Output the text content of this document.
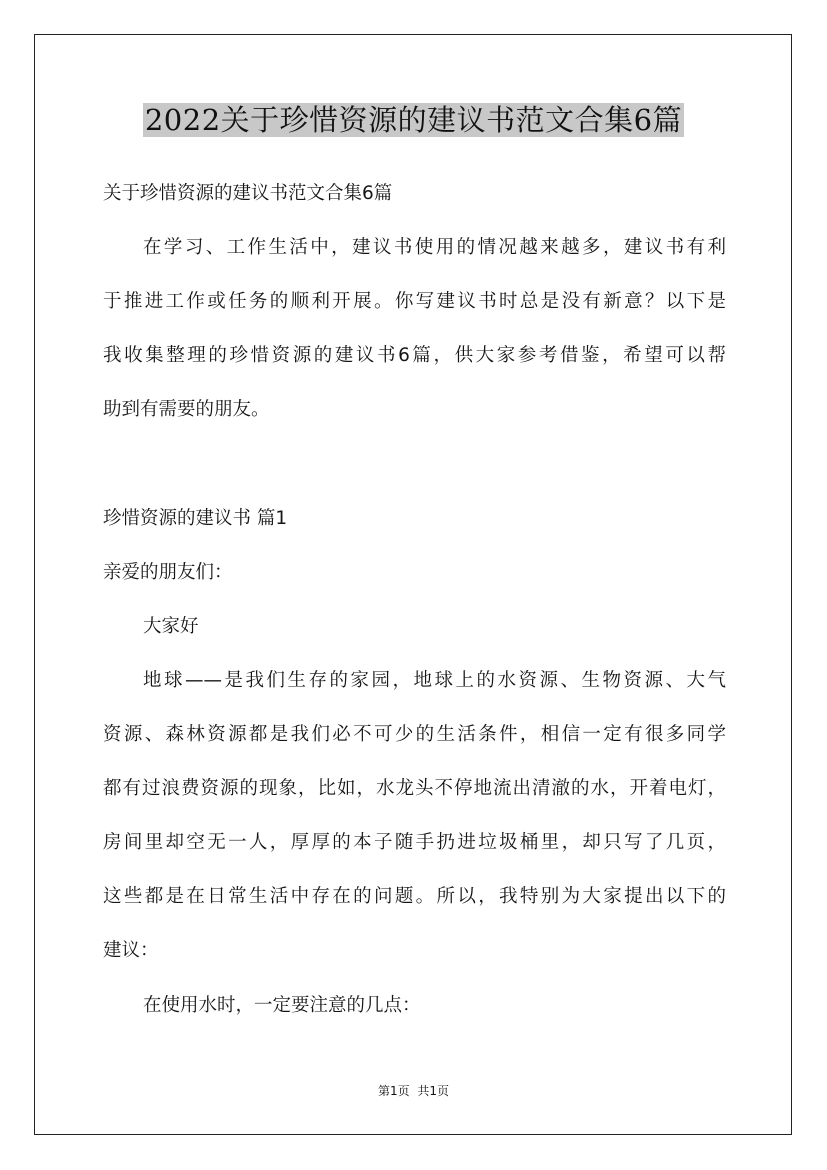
2022关于珍惜资源的建议书范文合集6篇
关于珍惜资源的建议书范文合集6篇
在学习、工作生活中，建议书使用的情况越来越多，建议书有利
于推进工作或任务的顺利开展。你写建议书时总是没有新意？以下是
我收集整理的珍惜资源的建议书6篇，供大家参考借鉴，希望可以帮
助到有需要的朋友。
珍惜资源的建议书 篇1
亲爱的朋友们：
大家好
地球——是我们生存的家园，地球上的水资源、生物资源、大气
资源、森林资源都是我们必不可少的生活条件，相信一定有很多同学
都有过浪费资源的现象，比如，水龙头不停地流出清澈的水，开着电灯，
房间里却空无一人，厚厚的本子随手扔进垃圾桶里，却只写了几页，
这些都是在日常生活中存在的问题。所以，我特别为大家提出以下的
建议：
在使用水时，一定要注意的几点：
第1页 共1页
